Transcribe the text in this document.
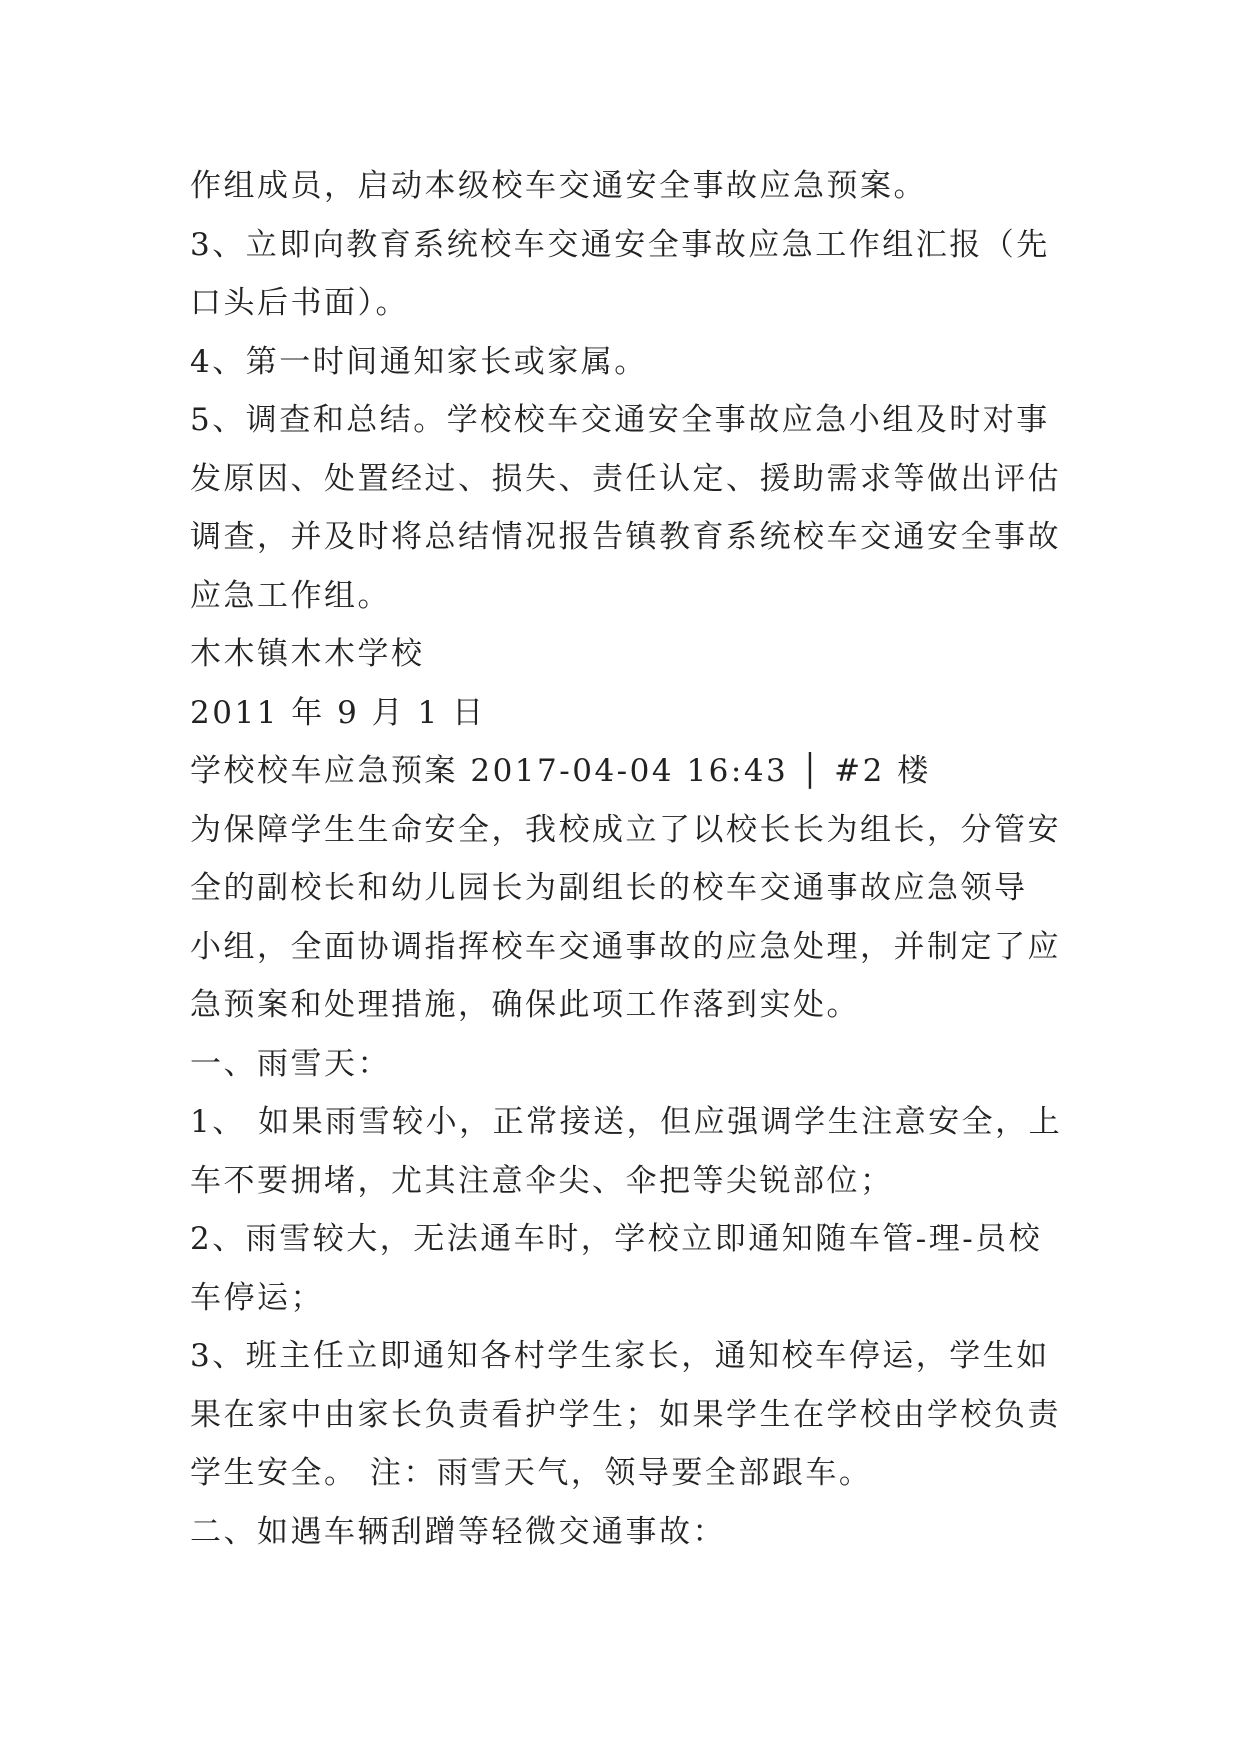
作组成员，启动本级校车交通安全事故应急预案。
3、立即向教育系统校车交通安全事故应急工作组汇报（先
口头后书面）。
4、第一时间通知家长或家属。
5、调查和总结。学校校车交通安全事故应急小组及时对事
发原因、处置经过、损失、责任认定、援助需求等做出评估
调查，并及时将总结情况报告镇教育系统校车交通安全事故
应急工作组。
木木镇木木学校
2011 年 9 月 1 日
学校校车应急预案 2017-04-04 16:43 │ #2 楼
为保障学生生命安全，我校成立了以校长长为组长，分管安
全的副校长和幼儿园长为副组长的校车交通事故应急领导
小组，全面协调指挥校车交通事故的应急处理，并制定了应
急预案和处理措施，确保此项工作落到实处。
一、雨雪天：
1、 如果雨雪较小，正常接送，但应强调学生注意安全，上
车不要拥堵，尤其注意伞尖、伞把等尖锐部位；
2、雨雪较大，无法通车时，学校立即通知随车管-理-员校
车停运；
3、班主任立即通知各村学生家长，通知校车停运，学生如
果在家中由家长负责看护学生；如果学生在学校由学校负责
学生安全。 注：雨雪天气，领导要全部跟车。
二、如遇车辆刮蹭等轻微交通事故：
